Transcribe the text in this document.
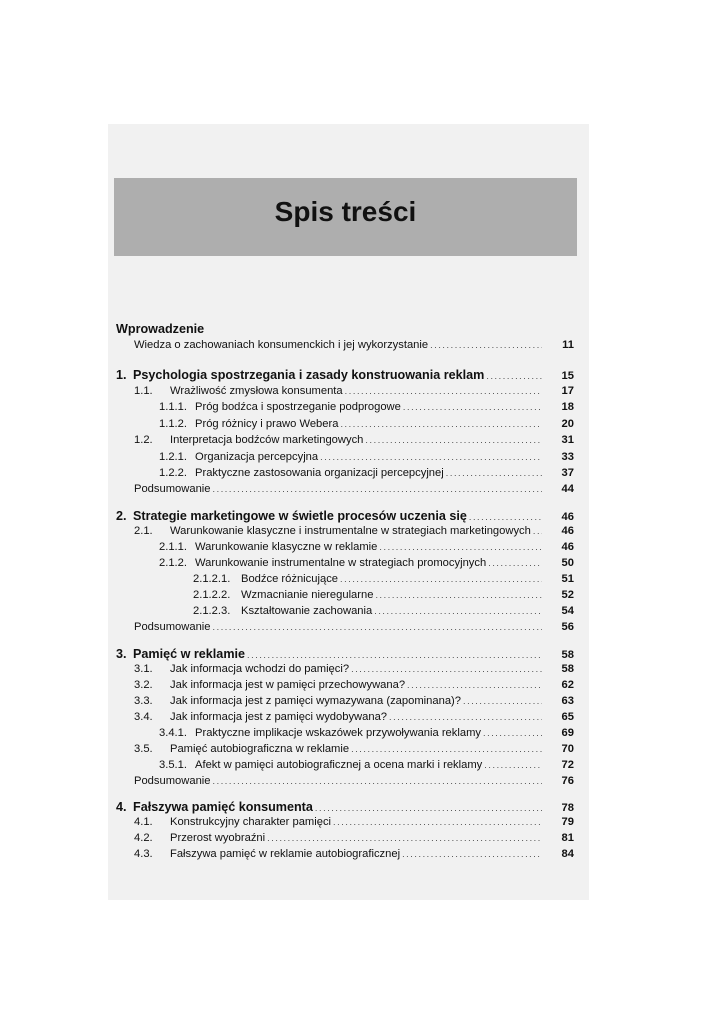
Spis treści
Wprowadzenie
Wiedza o zachowaniach konsumenckich i jej wykorzystanie .....	11
1. Psychologia spostrzegania i zasady konstruowania reklam .....	15
1.1.	Wrażliwość zmysłowa konsumenta .....	17
1.1.1. Próg bodźca i spostrzeganie podprogowe .....	18
1.1.2. Próg różnicy i prawo Webera .....	20
1.2.	Interpretacja bodźców marketingowych .....	31
1.2.1. Organizacja percepcyjna .....	33
1.2.2. Praktyczne zastosowania organizacji percepcyjnej .....	37
Podsumowanie .....	44
2. Strategie marketingowe w świetle procesów uczenia się .....	46
2.1.	Warunkowanie klasyczne i instrumentalne w strategiach marketingowych .....	46
2.1.1. Warunkowanie klasyczne w reklamie .....	46
2.1.2. Warunkowanie instrumentalne w strategiach promocyjnych .....	50
2.1.2.1. Bodźce różnicujące .....	51
2.1.2.2. Wzmacnianie nieregularne .....	52
2.1.2.3. Kształtowanie zachowania .....	54
Podsumowanie .....	56
3. Pamięć w reklamie .....	58
3.1.	Jak informacja wchodzi do pamięci? .....	58
3.2.	Jak informacja jest w pamięci przechowywana? .....	62
3.3.	Jak informacja jest z pamięci wymazywana (zapominana)? .....	63
3.4.	Jak informacja jest z pamięci wydobywana? .....	65
3.4.1. Praktyczne implikacje wskazówek przywoływania reklamy .....	69
3.5.	Pamięć autobiograficzna w reklamie .....	70
3.5.1. Afekt w pamięci autobiograficznej a ocena marki i reklamy .....	72
Podsumowanie .....	76
4. Fałszywa pamięć konsumenta .....	78
4.1.	Konstrukcyjny charakter pamięci .....	79
4.2.	Przerost wyobraźni .....	81
4.3.	Fałszywa pamięć w reklamie autobiograficznej .....	84
